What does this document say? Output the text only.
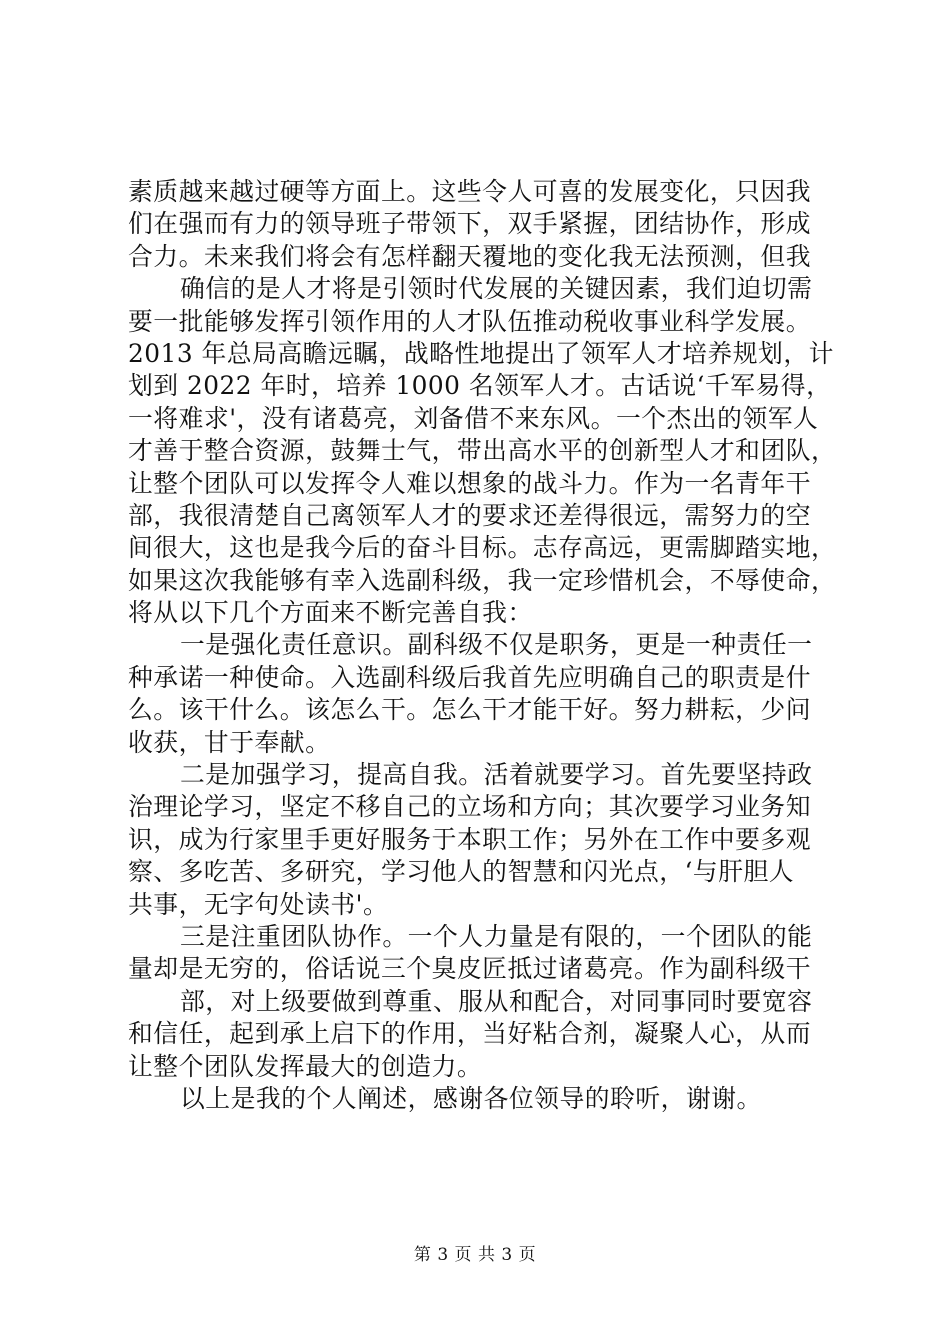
素质越来越过硬等方面上。这些令人可喜的发展变化，只因我
们在强而有力的领导班子带领下，双手紧握，团结协作，形成
合力。未来我们将会有怎样翻天覆地的变化我无法预测，但我
确信的是人才将是引领时代发展的关键因素，我们迫切需
要一批能够发挥引领作用的人才队伍推动税收事业科学发展。
2013 年总局高瞻远瞩，战略性地提出了领军人才培养规划，计
划到 2022 年时，培养 1000 名领军人才。古话说‘千军易得，
一将难求'，没有诸葛亮，刘备借不来东风。一个杰出的领军人
才善于整合资源，鼓舞士气，带出高水平的创新型人才和团队，
让整个团队可以发挥令人难以想象的战斗力。作为一名青年干
部，我很清楚自己离领军人才的要求还差得很远，需努力的空
间很大，这也是我今后的奋斗目标。志存高远，更需脚踏实地，
如果这次我能够有幸入选副科级，我一定珍惜机会，不辱使命，
将从以下几个方面来不断完善自我：
一是强化责任意识。副科级不仅是职务，更是一种责任一
种承诺一种使命。入选副科级后我首先应明确自己的职责是什
么。该干什么。该怎么干。怎么干才能干好。努力耕耘，少问
收获，甘于奉献。
二是加强学习，提高自我。活着就要学习。首先要坚持政
治理论学习，坚定不移自己的立场和方向；其次要学习业务知
识，成为行家里手更好服务于本职工作；另外在工作中要多观
察、多吃苦、多研究，学习他人的智慧和闪光点，‘与肝胆人
共事，无字句处读书'。
三是注重团队协作。一个人力量是有限的，一个团队的能
量却是无穷的，俗话说三个臭皮匠抵过诸葛亮。作为副科级干
部，对上级要做到尊重、服从和配合，对同事同时要宽容
和信任，起到承上启下的作用，当好粘合剂，凝聚人心，从而
让整个团队发挥最大的创造力。
以上是我的个人阐述，感谢各位领导的聆听，谢谢。
第 3 页 共 3 页
